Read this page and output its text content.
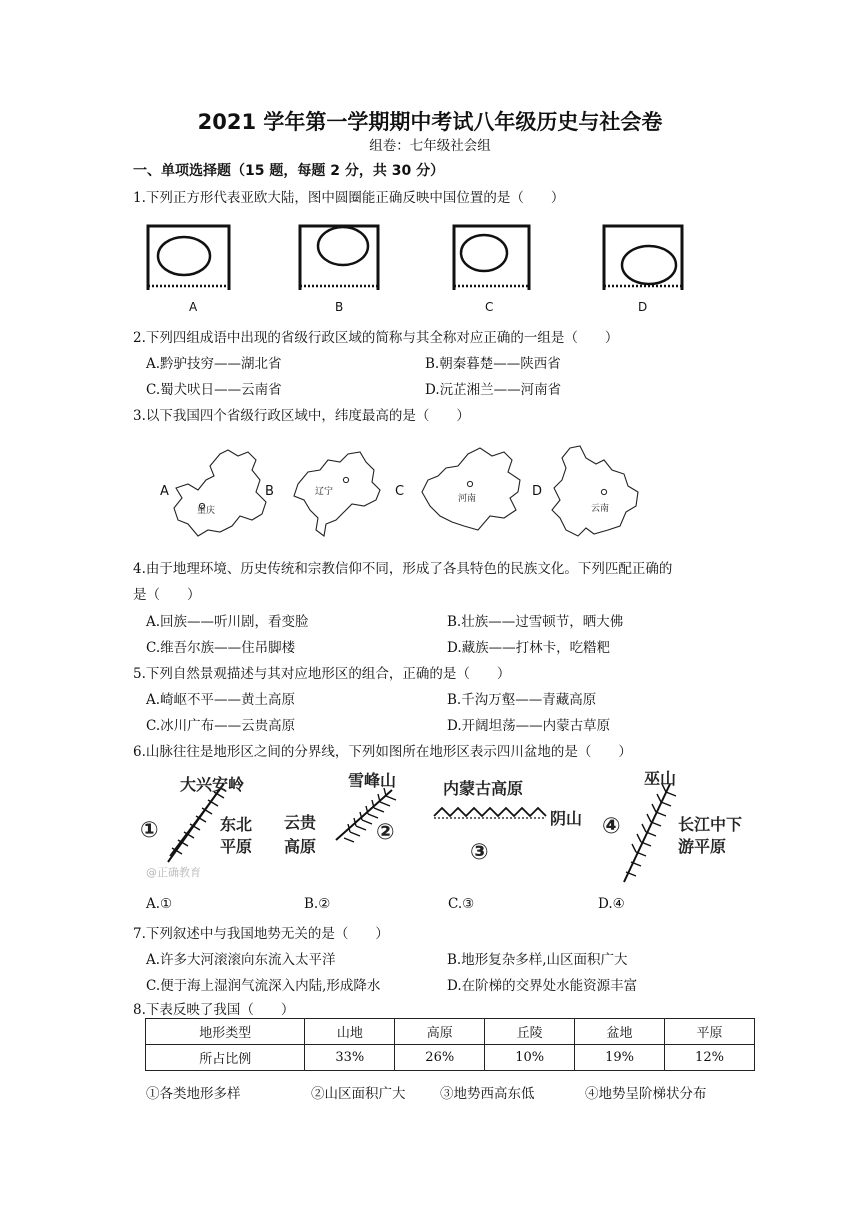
2021 学年第一学期期中考试八年级历史与社会卷
组卷：七年级社会组
一、单项选择题（15 题，每题 2 分，共 30 分）
1.下列正方形代表亚欧大陆，图中圆圈能正确反映中国位置的是（　　）
A	B	C	D
2.下列四组成语中出现的省级行政区域的简称与其全称对应正确的一组是（　　）
A.黔驴技穷——湖北省	B.朝秦暮楚——陕西省
C.蜀犬吠日——云南省	D.沅芷湘兰——河南省
3.以下我国四个省级行政区域中，纬度最高的是（　　）
A	B	C	D
重庆
辽宁
河南
云南
4.由于地理环境、历史传统和宗教信仰不同，形成了各具特色的民族文化。下列匹配正确的
是（　　）
A.回族——听川剧，看变脸	B.壮族——过雪顿节，晒大佛
C.维吾尔族——住吊脚楼	D.藏族——打林卡，吃糌粑
5.下列自然景观描述与其对应地形区的组合，正确的是（　　）
A.崎岖不平——黄土高原	B.千沟万壑——青藏高原
C.冰川广布——云贵高原	D.开阔坦荡——内蒙古草原
6.山脉往往是地形区之间的分界线，下列如图所在地形区表示四川盆地的是（　　）
大兴安岭
①	东北
平原
@正确教育
雪峰山
云贵
高原
②
内蒙古高原
阴山
③
巫山
④	长江中下
游平原
A.①	B.②	C.③	D.④
7.下列叙述中与我国地势无关的是（　　）
A.许多大河滚滚向东流入太平洋	B.地形复杂多样,山区面积广大
C.便于海上湿润气流深入内陆,形成降水	D.在阶梯的交界处水能资源丰富
8.下表反映了我国（　　）
地形类型	山地	高原	丘陵	盆地	平原
所占比例	33%	26%	10%	19%	12%
①各类地形多样	②山区面积广大	③地势西高东低	④地势呈阶梯状分布
